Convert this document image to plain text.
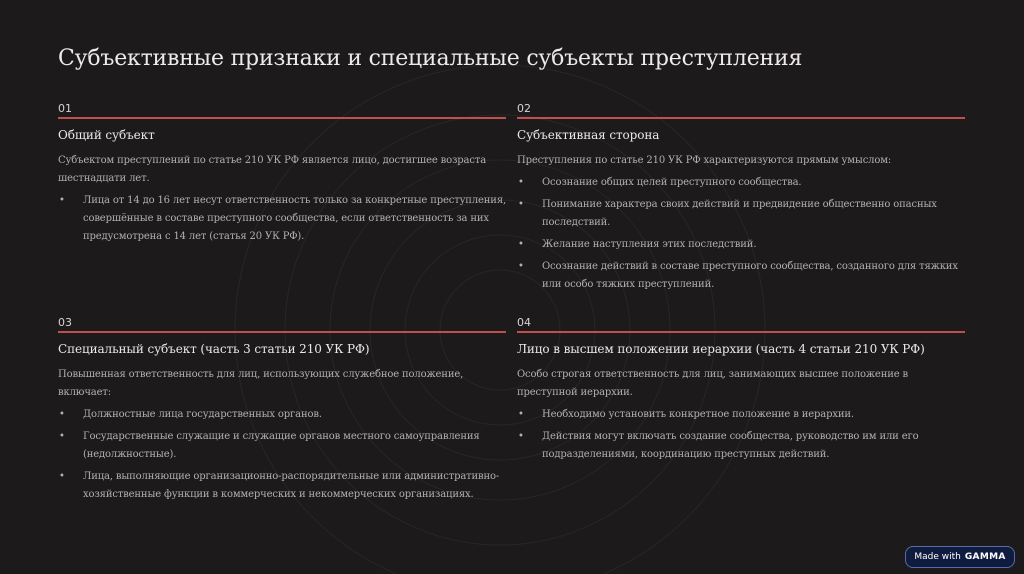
Субъективные признаки и специальные субъекты преступления
01
Общий субъект
Субъектом преступлений по статье 210 УК РФ является лицо, достигшее возраста шестнадцати лет.
• Лица от 14 до 16 лет несут ответственность только за конкретные преступления, совершённые в составе преступного сообщества, если ответственность за них предусмотрена с 14 лет (статья 20 УК РФ).
02
Субъективная сторона
Преступления по статье 210 УК РФ характеризуются прямым умыслом:
• Осознание общих целей преступного сообщества.
• Понимание характера своих действий и предвидение общественно опасных последствий.
• Желание наступления этих последствий.
• Осознание действий в составе преступного сообщества, созданного для тяжких или особо тяжких преступлений.
03
Специальный субъект (часть 3 статьи 210 УК РФ)
Повышенная ответственность для лиц, использующих служебное положение, включает:
• Должностные лица государственных органов.
• Государственные служащие и служащие органов местного самоуправления (недолжностные).
• Лица, выполняющие организационно-распорядительные или административно-хозяйственные функции в коммерческих и некоммерческих организациях.
04
Лицо в высшем положении иерархии (часть 4 статьи 210 УК РФ)
Особо строгая ответственность для лиц, занимающих высшее положение в преступной иерархии.
• Необходимо установить конкретное положение в иерархии.
• Действия могут включать создание сообщества, руководство им или его подразделениями, координацию преступных действий.
Made with GAMMA
